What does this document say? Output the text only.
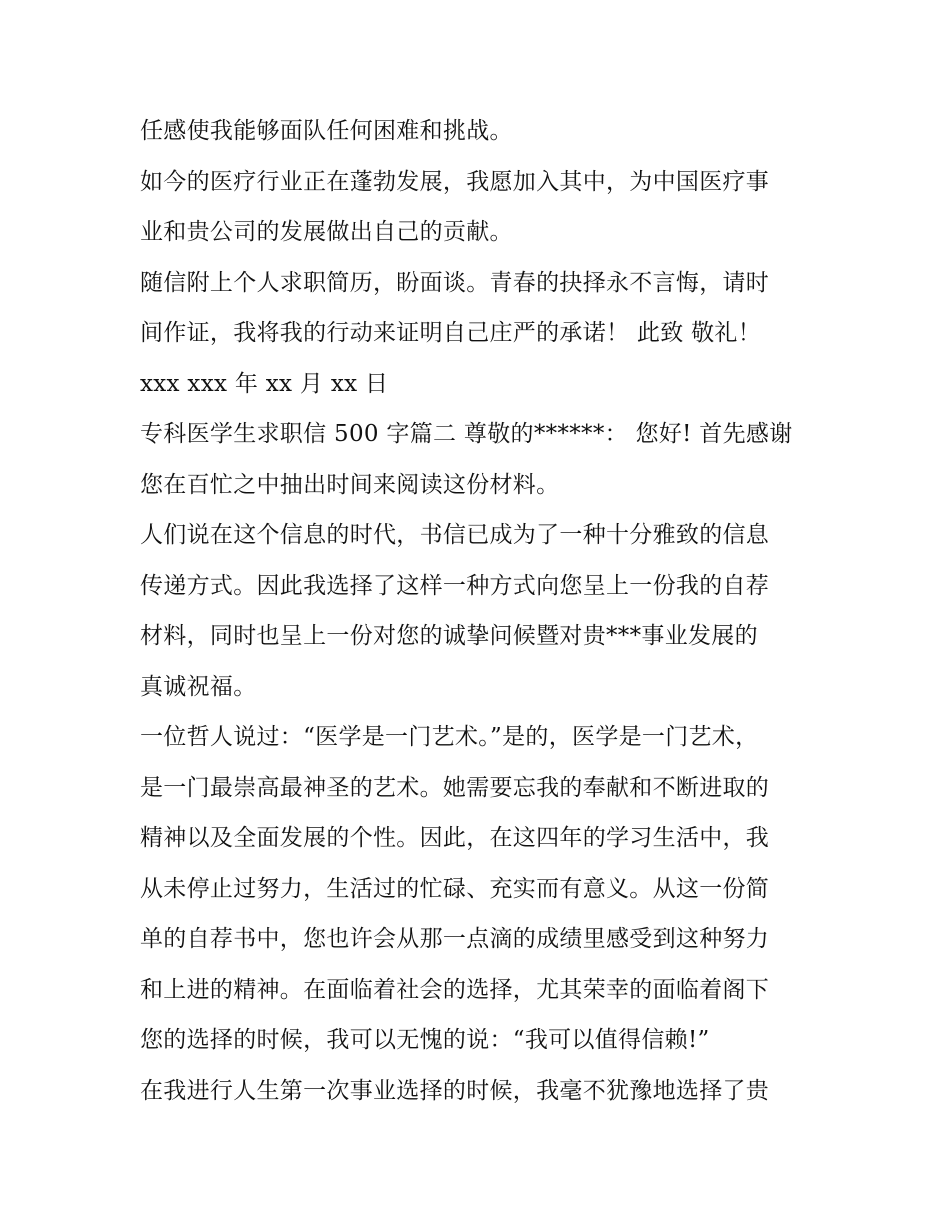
任感使我能够面队任何困难和挑战。
如今的医疗行业正在蓬勃发展，我愿加入其中，为中国医疗事
业和贵公司的发展做出自己的贡献。
随信附上个人求职简历，盼面谈。青春的抉择永不言悔，请时
间作证，我将我的行动来证明自己庄严的承诺！ 此致 敬礼！
xxx xxx 年 xx 月 xx 日
专科医学生求职信 500 字篇二 尊敬的******： 您好! 首先感谢
您在百忙之中抽出时间来阅读这份材料。
人们说在这个信息的时代，书信已成为了一种十分雅致的信息
传递方式。因此我选择了这样一种方式向您呈上一份我的自荐
材料，同时也呈上一份对您的诚挚问候暨对贵***事业发展的
真诚祝福。
一位哲人说过：“医学是一门艺术。”是的，医学是一门艺术，
是一门最崇高最神圣的艺术。她需要忘我的奉献和不断进取的
精神以及全面发展的个性。因此，在这四年的学习生活中，我
从未停止过努力，生活过的忙碌、充实而有意义。从这一份简
单的自荐书中，您也许会从那一点滴的成绩里感受到这种努力
和上进的精神。在面临着社会的选择，尤其荣幸的面临着阁下
您的选择的时候，我可以无愧的说：“我可以值得信赖!”
在我进行人生第一次事业选择的时候，我毫不犹豫地选择了贵
